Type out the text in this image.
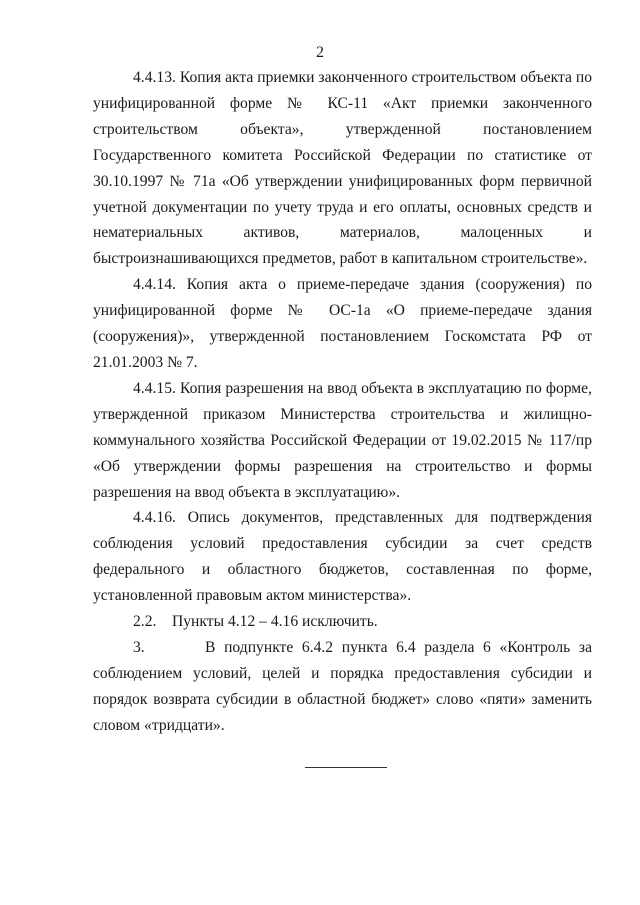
2

4.4.13. Копия акта приемки законченного строительством объекта по унифицированной форме № КС-11 «Акт приемки законченного строительством объекта», утвержденной постановлением Государственного комитета Российской Федерации по статистике от 30.10.1997 № 71а «Об утверждении унифицированных форм первичной учетной документации по учету труда и его оплаты, основных средств и нематериальных активов, материалов, малоценных и быстроизнашивающихся предметов, работ в капитальном строительстве».

4.4.14. Копия акта о приеме-передаче здания (сооружения) по унифицированной форме № ОС-1а «О приеме-передаче здания (сооружения)», утвержденной постановлением Госкомстата РФ от 21.01.2003 № 7.

4.4.15. Копия разрешения на ввод объекта в эксплуатацию по форме, утвержденной приказом Министерства строительства и жилищно-коммунального хозяйства Российской Федерации от 19.02.2015 № 117/пр «Об утверждении формы разрешения на строительство и формы разрешения на ввод объекта в эксплуатацию».

4.4.16. Опись документов, представленных для подтверждения соблюдения условий предоставления субсидии за счет средств федерального и областного бюджетов, составленная по форме, установленной правовым актом министерства».

2.2.    Пункты 4.12 – 4.16 исключить.

3.       В подпункте 6.4.2 пункта 6.4 раздела 6 «Контроль за соблюдением условий, целей и порядка предоставления субсидии и порядок возврата субсидии в областной бюджет» слово «пяти» заменить словом «тридцати».
